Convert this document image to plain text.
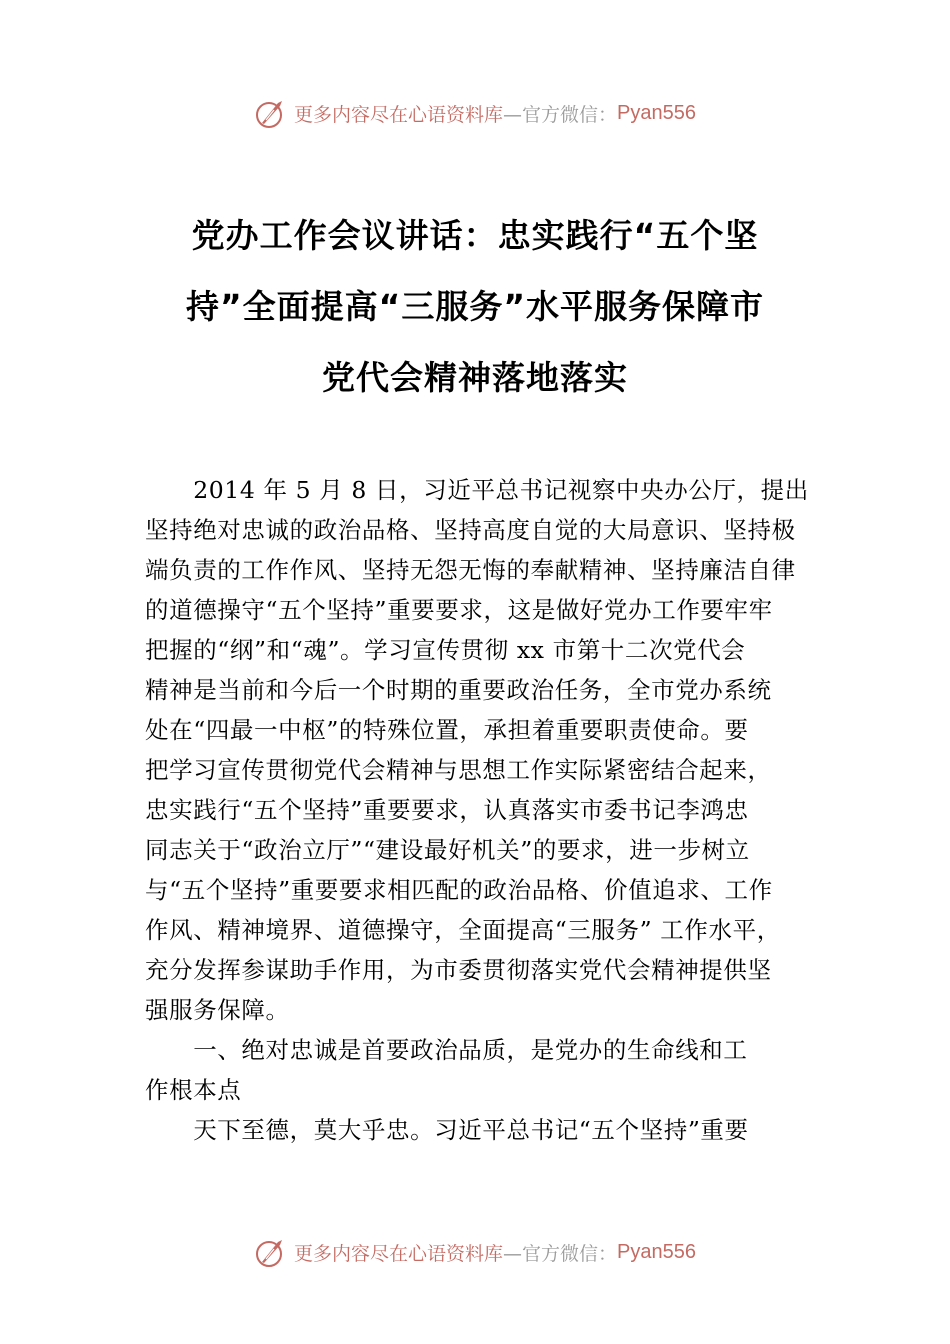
更多内容尽在心语资料库 —官方微信： Pyan556
党办工作会议讲话：忠实践行“五个坚
持”全面提高“三服务”水平服务保障市
党代会精神落地落实
　　2014 年 5 月 8 日，习近平总书记视察中央办公厅，提出
坚持绝对忠诚的政治品格、坚持高度自觉的大局意识、坚持极
端负责的工作作风、坚持无怨无悔的奉献精神、坚持廉洁自律
的道德操守“五个坚持”重要要求，这是做好党办工作要牢牢
把握的“纲”和“魂”。学习宣传贯彻 xx 市第十二次党代会
精神是当前和今后一个时期的重要政治任务，全市党办系统
处在“四最一中枢”的特殊位置，承担着重要职责使命。要
把学习宣传贯彻党代会精神与思想工作实际紧密结合起来，
忠实践行“五个坚持”重要要求，认真落实市委书记李鸿忠
同志关于“政治立厅”“建设最好机关”的要求，进一步树立
与“五个坚持”重要要求相匹配的政治品格、价值追求、工作
作风、精神境界、道德操守，全面提高“三服务” 工作水平，
充分发挥参谋助手作用，为市委贯彻落实党代会精神提供坚
强服务保障。
　　一、绝对忠诚是首要政治品质，是党办的生命线和工
作根本点
　　天下至德，莫大乎忠。习近平总书记“五个坚持”重要
更多内容尽在心语资料库 —官方微信： Pyan556
